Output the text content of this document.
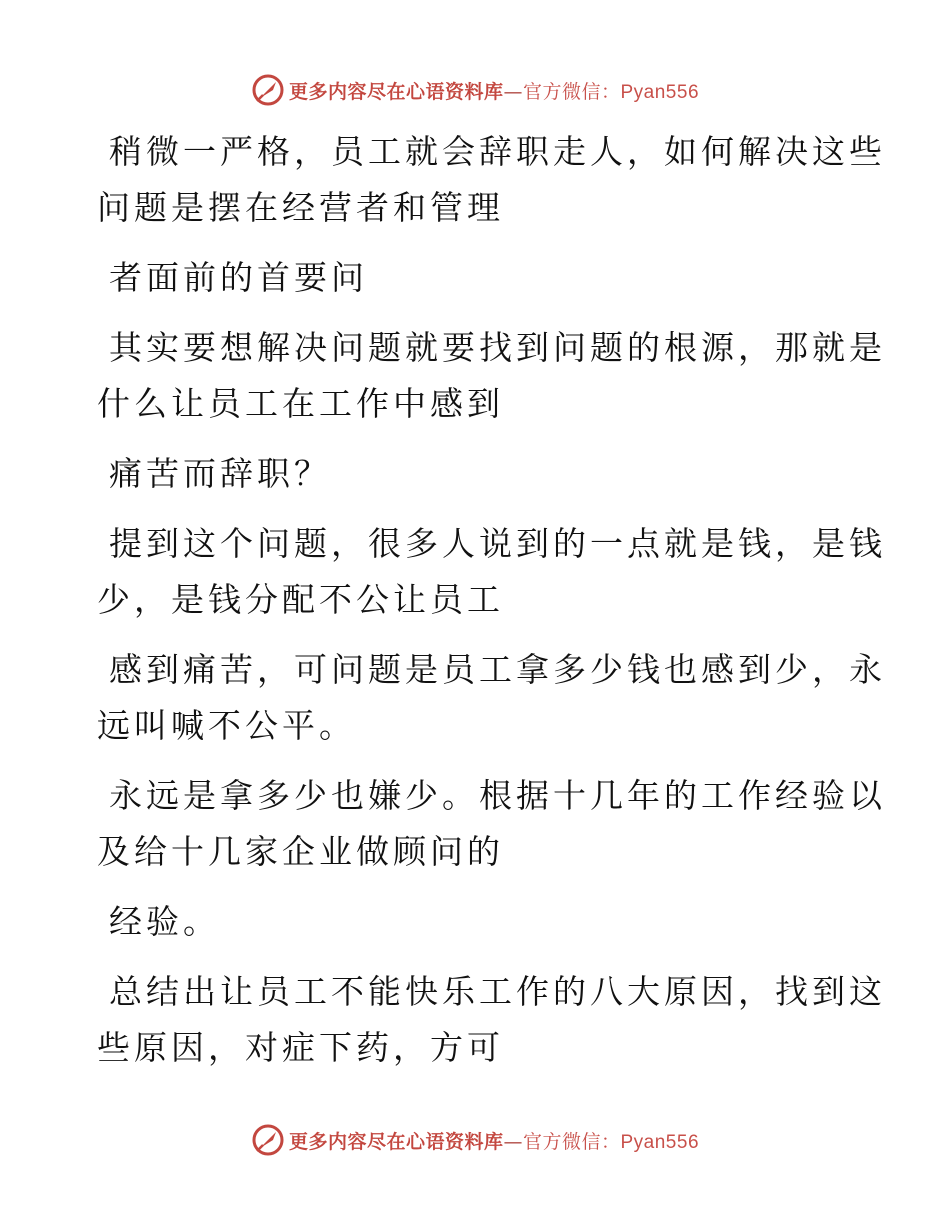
更多内容尽在心语资料库—官方微信：Pyan556

稍微一严格，员工就会辞职走人，如何解决这些
问题是摆在经营者和管理

者面前的首要问

其实要想解决问题就要找到问题的根源，那就是
什么让员工在工作中感到

痛苦而辞职？

提到这个问题，很多人说到的一点就是钱，是钱
少，是钱分配不公让员工

感到痛苦，可问题是员工拿多少钱也感到少，永
远叫喊不公平。

永远是拿多少也嫌少。根据十几年的工作经验以
及给十几家企业做顾问的

经验。

总结出让员工不能快乐工作的八大原因，找到这
些原因，对症下药，方可

更多内容尽在心语资料库—官方微信：Pyan556
